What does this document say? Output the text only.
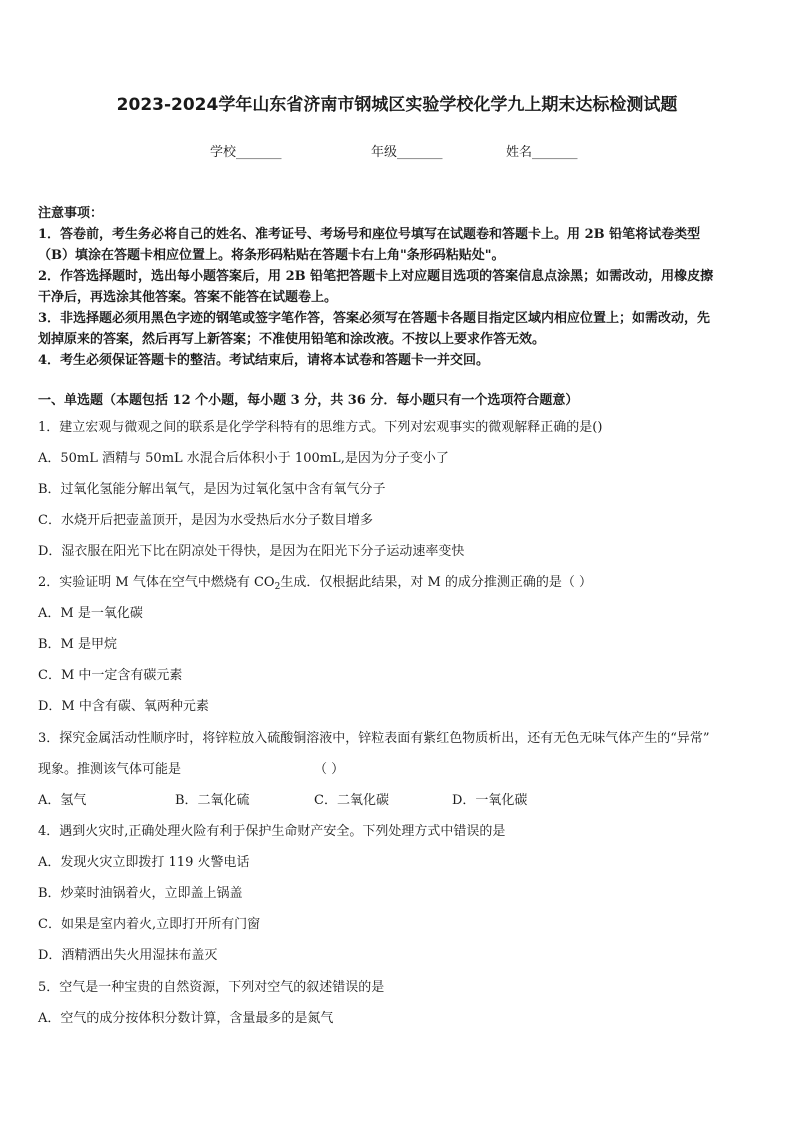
2023-2024学年山东省济南市钢城区实验学校化学九上期末达标检测试题
学校_______	年级_______	姓名_______
注意事项：
1．答卷前，考生务必将自己的姓名、准考证号、考场号和座位号填写在试题卷和答题卡上。用 2B 铅笔将试卷类型
（B）填涂在答题卡相应位置上。将条形码粘贴在答题卡右上角"条形码粘贴处"。
2．作答选择题时，选出每小题答案后，用 2B 铅笔把答题卡上对应题目选项的答案信息点涂黑；如需改动，用橡皮擦
干净后，再选涂其他答案。答案不能答在试题卷上。
3．非选择题必须用黑色字迹的钢笔或签字笔作答，答案必须写在答题卡各题目指定区域内相应位置上；如需改动，先
划掉原来的答案，然后再写上新答案；不准使用铅笔和涂改液。不按以上要求作答无效。
4．考生必须保证答题卡的整洁。考试结束后，请将本试卷和答题卡一并交回。
一、单选题（本题包括 12 个小题，每小题 3 分，共 36 分．每小题只有一个选项符合题意）
1．建立宏观与微观之间的联系是化学学科特有的思维方式。下列对宏观事实的微观解释正确的是()
A．50mL 酒精与 50mL 水混合后体积小于 100mL,是因为分子变小了
B．过氧化氢能分解出氧气，是因为过氧化氢中含有氧气分子
C．水烧开后把壶盖顶开，是因为水受热后水分子数目增多
D．湿衣服在阳光下比在阴凉处干得快，是因为在阳光下分子运动速率变快
2．实验证明 M 气体在空气中燃烧有 $CO_2$生成．仅根据此结果，对 M 的成分推测正确的是（ ）
A．M 是一氧化碳
B．M 是甲烷
C．M 中一定含有碳元素
D．M 中含有碳、氧两种元素
3．探究金属活动性顺序时，将锌粒放入硫酸铜溶液中，锌粒表面有紫红色物质析出，还有无色无味气体产生的“异常”
现象。推测该气体可能是	（ ）
A．氢气	B．二氧化硫	C．二氧化碳	D．一氧化碳
4．遇到火灾时,正确处理火险有利于保护生命财产安全。下列处理方式中错误的是
A．发现火灾立即拨打 119 火警电话
B．炒菜时油锅着火，立即盖上锅盖
C．如果是室内着火,立即打开所有门窗
D．酒精洒出失火用湿抹布盖灭
5．空气是一种宝贵的自然资源，下列对空气的叙述错误的是
A．空气的成分按体积分数计算，含量最多的是氮气
